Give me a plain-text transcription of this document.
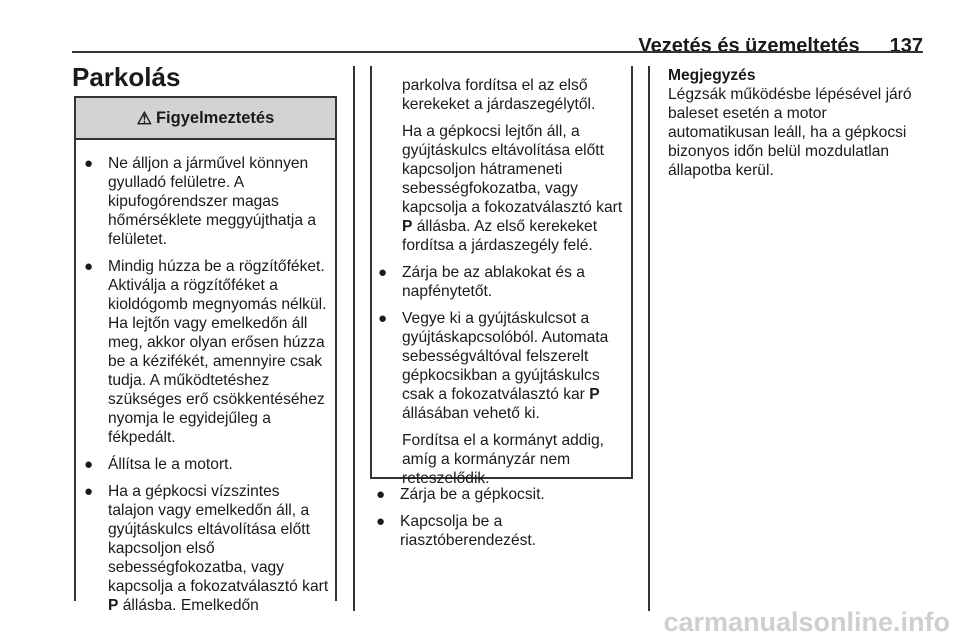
Vezetés és üzemeltetés 137
Parkolás
⚠ Figyelmeztetés
● Ne álljon a járművel könnyen gyulladó felületre. A kipufogórendszer magas hőmérséklete meggyújthatja a felületet.
● Mindig húzza be a rögzítőféket. Aktiválja a rögzítőféket a kioldógomb megnyomás nélkül. Ha lejtőn vagy emelkedőn áll meg, akkor olyan erősen húzza be a kézifékét, amennyire csak tudja. A működtetéshez szükséges erő csökkentéséhez nyomja le egyidejűleg a fékpedált.
● Állítsa le a motort.
● Ha a gépkocsi vízszintes talajon vagy emelkedőn áll, a gyújtáskulcs eltávolítása előtt kapcsoljon első sebességfokozatba, vagy kapcsolja a fokozatválasztó kart P állásba. Emelkedőn

parkolva fordítsa el az első kerekeket a járdaszegélytől.

Ha a gépkocsi lejtőn áll, a gyújtáskulcs eltávolítása előtt kapcsoljon hátrameneti sebességfokozatba, vagy kapcsolja a fokozatválasztó kart P állásba. Az első kerekeket fordítsa a járdaszegély felé.

● Zárja be az ablakokat és a napfénytetőt.
● Vegye ki a gyújtáskulcsot a gyújtáskapcsolóból. Automata sebességváltóval felszerelt gépkocsikban a gyújtáskulcs csak a fokozatválasztó kar P állásában vehető ki.

Fordítsa el a kormányt addig, amíg a kormányzár nem reteszelődik.

● Zárja be a gépkocsit.
● Kapcsolja be a riasztóberendezést.
Megjegyzés
Légzsák működésbe lépésével járó baleset esetén a motor automatikusan leáll, ha a gépkocsi bizonyos időn belül mozdulatlan állapotba kerül.
carmanualsonline.info
